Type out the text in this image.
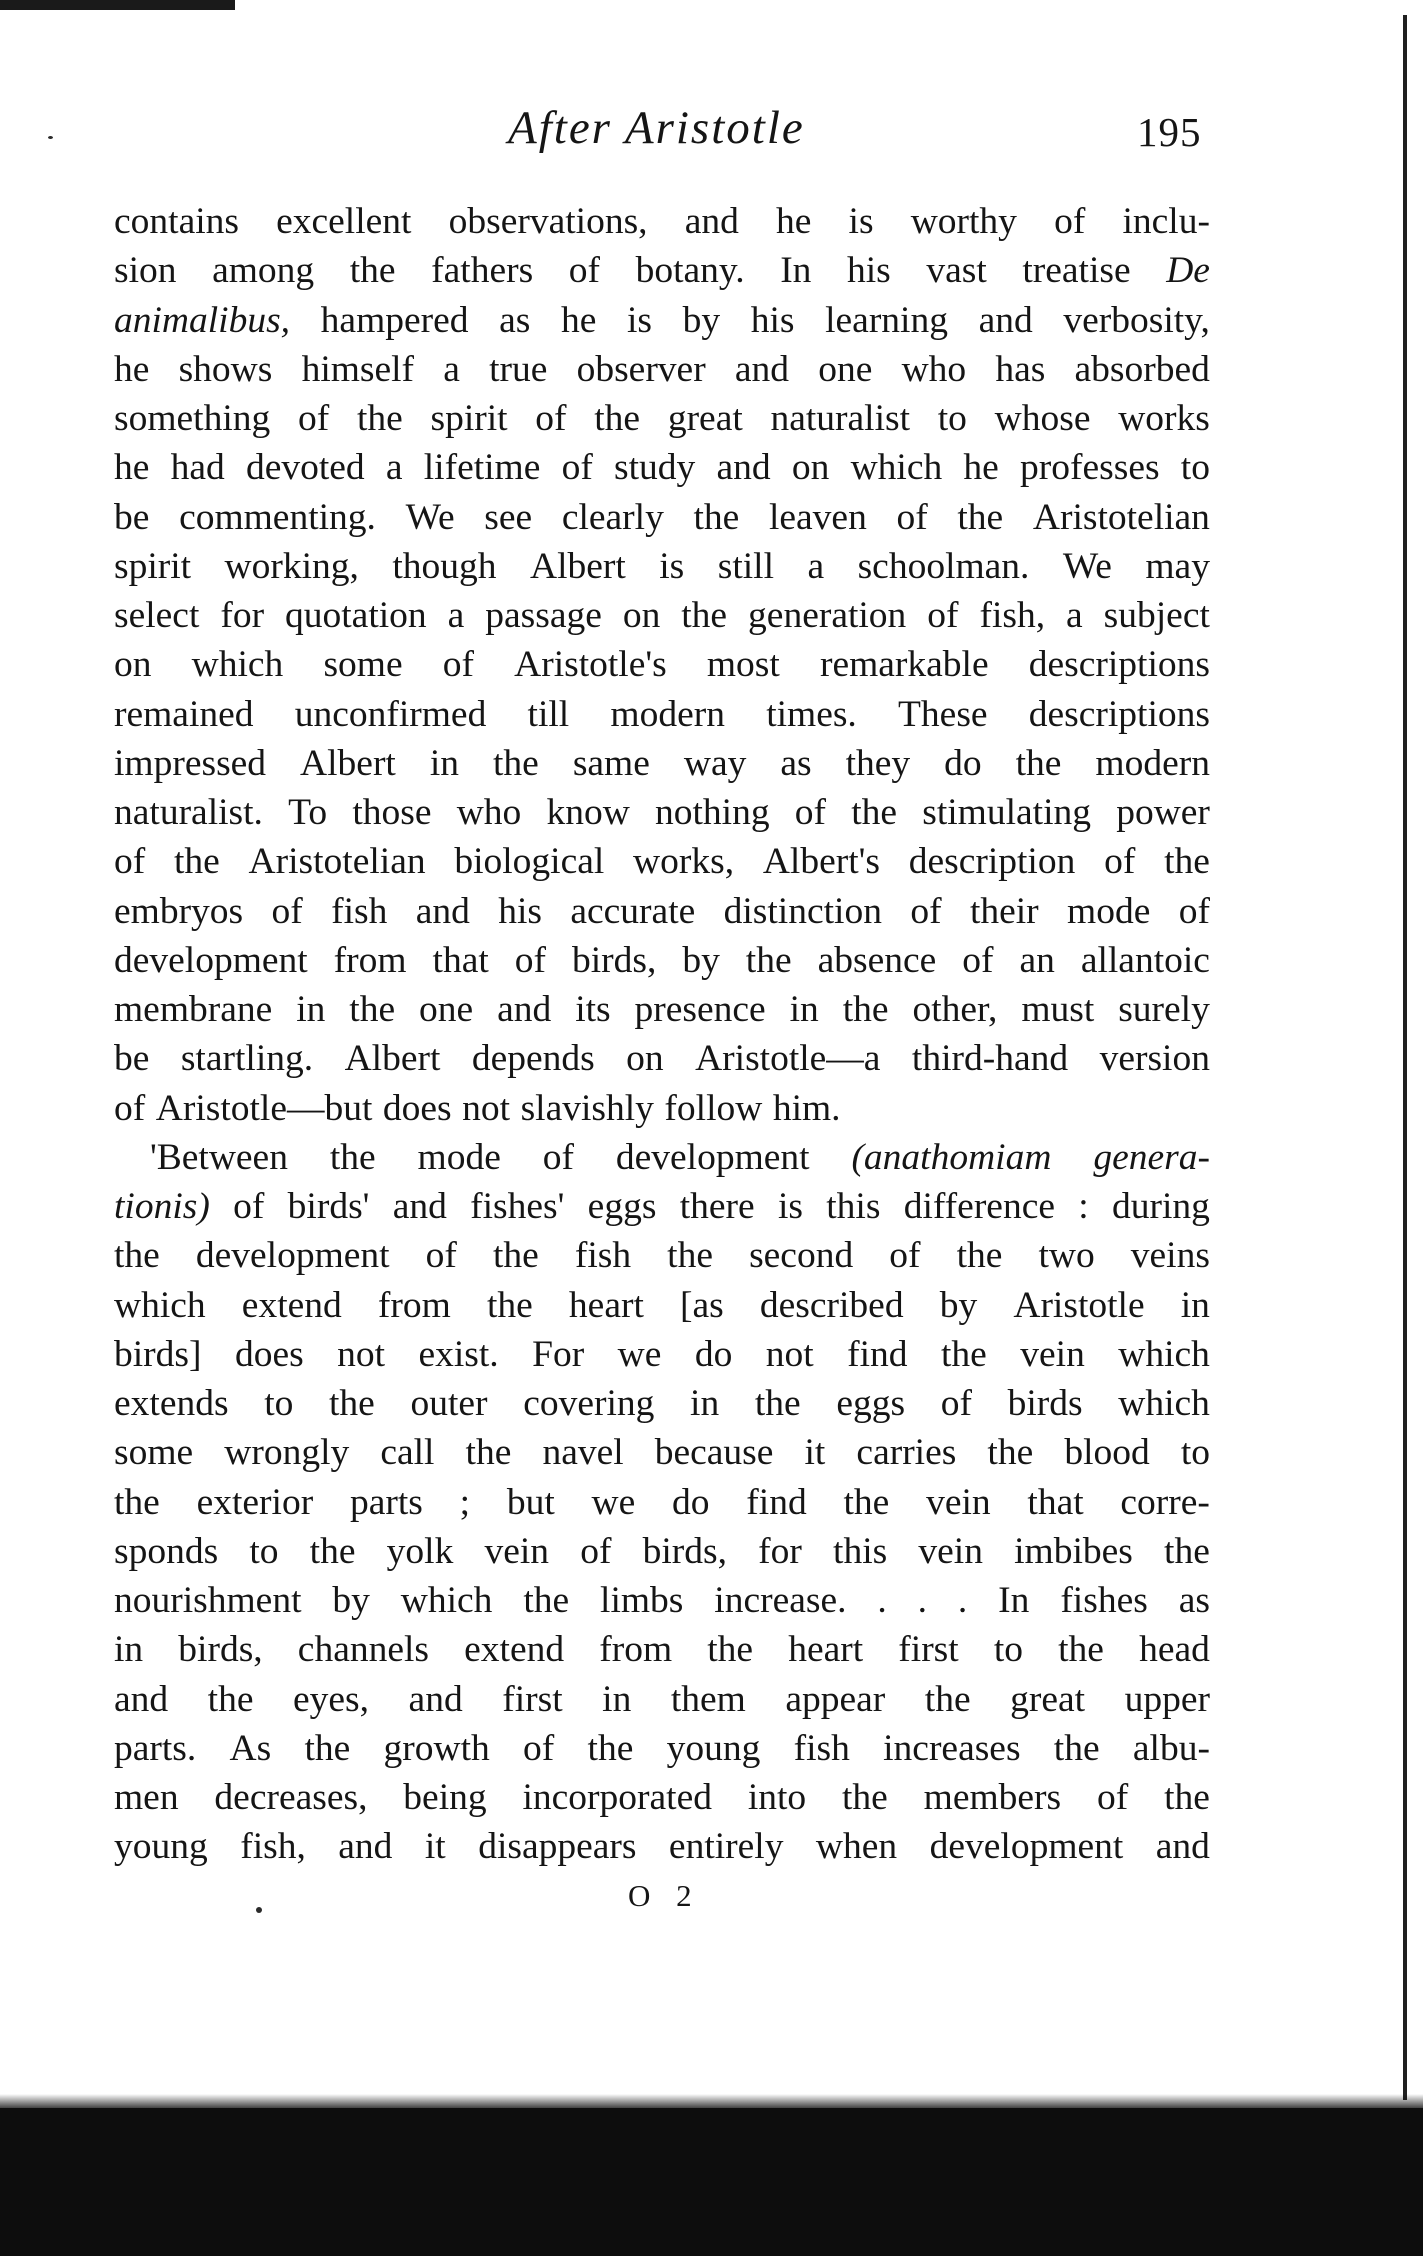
After Aristotle	195
contains excellent observations, and he is worthy of inclu-
sion among the fathers of botany. In his vast treatise De
animalibus, hampered as he is by his learning and verbosity,
he shows himself a true observer and one who has absorbed
something of the spirit of the great naturalist to whose works
he had devoted a lifetime of study and on which he professes to
be commenting. We see clearly the leaven of the Aristotelian
spirit working, though Albert is still a schoolman. We may
select for quotation a passage on the generation of fish, a subject
on which some of Aristotle's most remarkable descriptions
remained unconfirmed till modern times. These descriptions
impressed Albert in the same way as they do the modern
naturalist. To those who know nothing of the stimulating power
of the Aristotelian biological works, Albert's description of the
embryos of fish and his accurate distinction of their mode of
development from that of birds, by the absence of an allantoic
membrane in the one and its presence in the other, must surely
be startling. Albert depends on Aristotle—a third-hand version
of Aristotle—but does not slavishly follow him.
'Between the mode of development (anathomiam genera-
tionis) of birds' and fishes' eggs there is this difference : during
the development of the fish the second of the two veins
which extend from the heart [as described by Aristotle in
birds] does not exist. For we do not find the vein which
extends to the outer covering in the eggs of birds which
some wrongly call the navel because it carries the blood to
the exterior parts ; but we do find the vein that corre-
sponds to the yolk vein of birds, for this vein imbibes the
nourishment by which the limbs increase. . . . In fishes as
in birds, channels extend from the heart first to the head
and the eyes, and first in them appear the great upper
parts. As the growth of the young fish increases the albu-
men decreases, being incorporated into the members of the
young fish, and it disappears entirely when development and
O 2
